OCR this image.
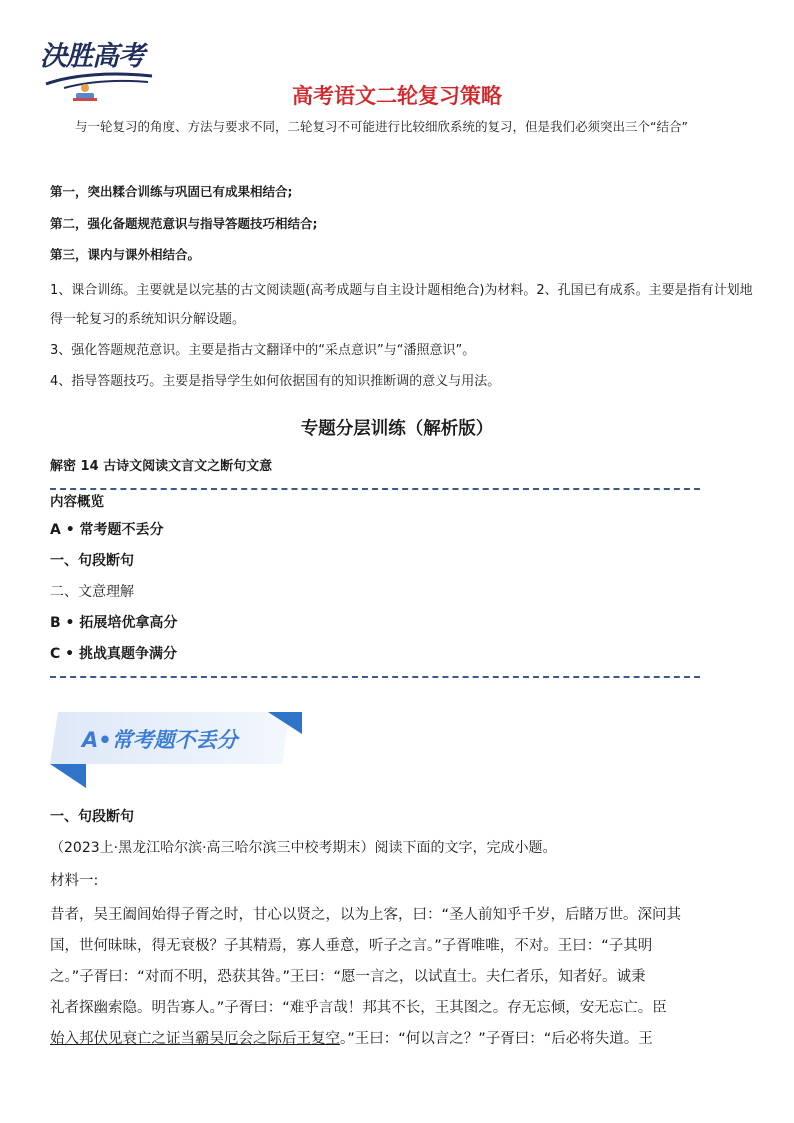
決胜高考
高考语文二轮复习策略
与一轮复习的角度、方法与要求不同，二轮复习不可能进行比较细欣系统的复习，但是我们必须突出三个“结合”
第一，突出糅合训练与巩固已有成果相结合;
第二，强化备题规范意识与指导答题技巧相结合;
第三，课内与课外相结合。
1、课合训练。主要就是以完基的古文阅读题(高考成题与自主设计题相绝合)为材料。2、孔国已有成系。主要是指有计划地得一轮复习的系统知识分解设题。
3、强化答题规范意识。主要是指古文翻译中的“采点意识”与“潘照意识”。
4、指导答题技巧。主要是指导学生如何依据国有的知识推断调的意义与用法。
专题分层训练（解析版）
解密 14 古诗文阅读文言文之断句文意
内容概览
A • 常考题不丢分
一、句段断句
二、文意理解
B • 拓展培优拿高分
C • 挑战真题争满分
A•常考题不丢分
一、句段断句
（2023上·黑龙江哈尔滨·高三哈尔滨三中校考期末）阅读下面的文字，完成小题。
材料一:
昔者，吴王阖闾始得子胥之时，甘心以贤之，以为上客，曰：“圣人前知乎千岁，后睹万世。深问其
国，世何昧昧，得无衰极？子其精焉，寡人垂意，听子之言。”子胥唯唯，不对。王曰：“子其明
之。”子胥曰：“对而不明，恐获其咎。”王曰：“愿一言之，以试直士。夫仁者乐，知者好。诚秉
礼者探幽索隐。明告寡人。”子胥曰：“难乎言哉！邦其不长，王其图之。存无忘倾，安无忘亡。臣
始入邦伏见衰亡之证当霸吴厄会之际后王复空。”王曰：“何以言之？”子胥曰：“后必将失道。王
